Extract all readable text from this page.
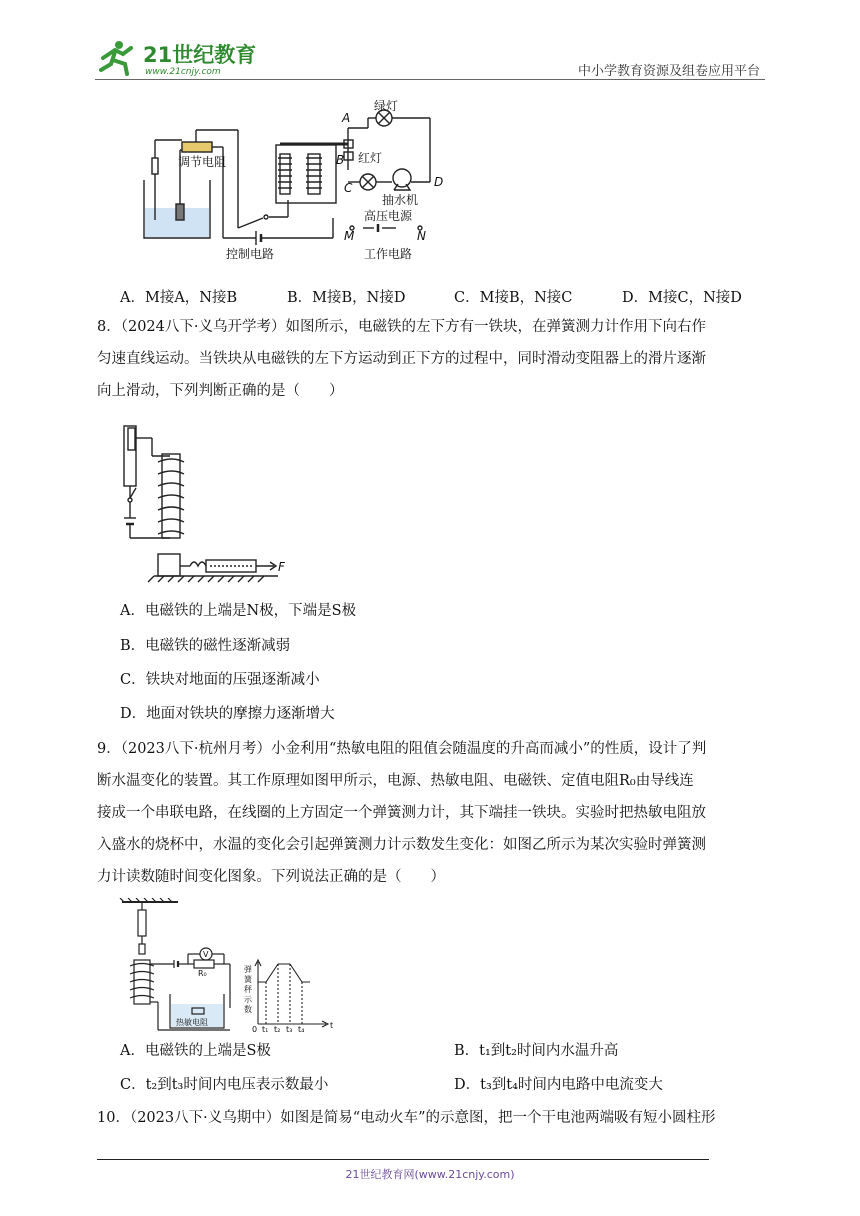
21世纪教育
www.21cnjy.com	中小学教育资源及组卷应用平台
调节电阻
控制电路
绿灯
红灯
抽水机
高压电源
工作电路
A
B
C	D
M	N
A．M接A，N接B	B．M接B，N接D	C．M接B，N接C	D．M接C，N接D
8．（2024八下·义乌开学考）如图所示，电磁铁的左下方有一铁块，在弹簧测力计作用下向右作
匀速直线运动。当铁块从电磁铁的左下方运动到正下方的过程中，同时滑动变阻器上的滑片逐渐
向上滑动，下列判断正确的是（　　）
F
A．电磁铁的上端是N极，下端是S极
B．电磁铁的磁性逐渐减弱
C．铁块对地面的压强逐渐减小
D．地面对铁块的摩擦力逐渐增大
9．（2023八下·杭州月考）小金利用“热敏电阻的阻值会随温度的升高而减小”的性质，设计了判
断水温变化的装置。其工作原理如图甲所示，电源、热敏电阻、电磁铁、定值电阻R₀由导线连
接成一个串联电路，在线圈的上方固定一个弹簧测力计，其下端挂一铁块。实验时把热敏电阻放
入盛水的烧杯中，水温的变化会引起弹簧测力计示数发生变化：如图乙所示为某次实验时弹簧测
力计读数随时间变化图象。下列说法正确的是（　　）
V
R₀
热敏电阻
弹
簧
秤
示
数
0 t₁ t₂ t₃ t₄	t
A．电磁铁的上端是S极	B．t₁到t₂时间内水温升高
C．t₂到t₃时间内电压表示数最小	D．t₃到t₄时间内电路中电流变大
10．（2023八下·义乌期中）如图是简易“电动火车”的示意图，把一个干电池两端吸有短小圆柱形
21世纪教育网(www.21cnjy.com)
